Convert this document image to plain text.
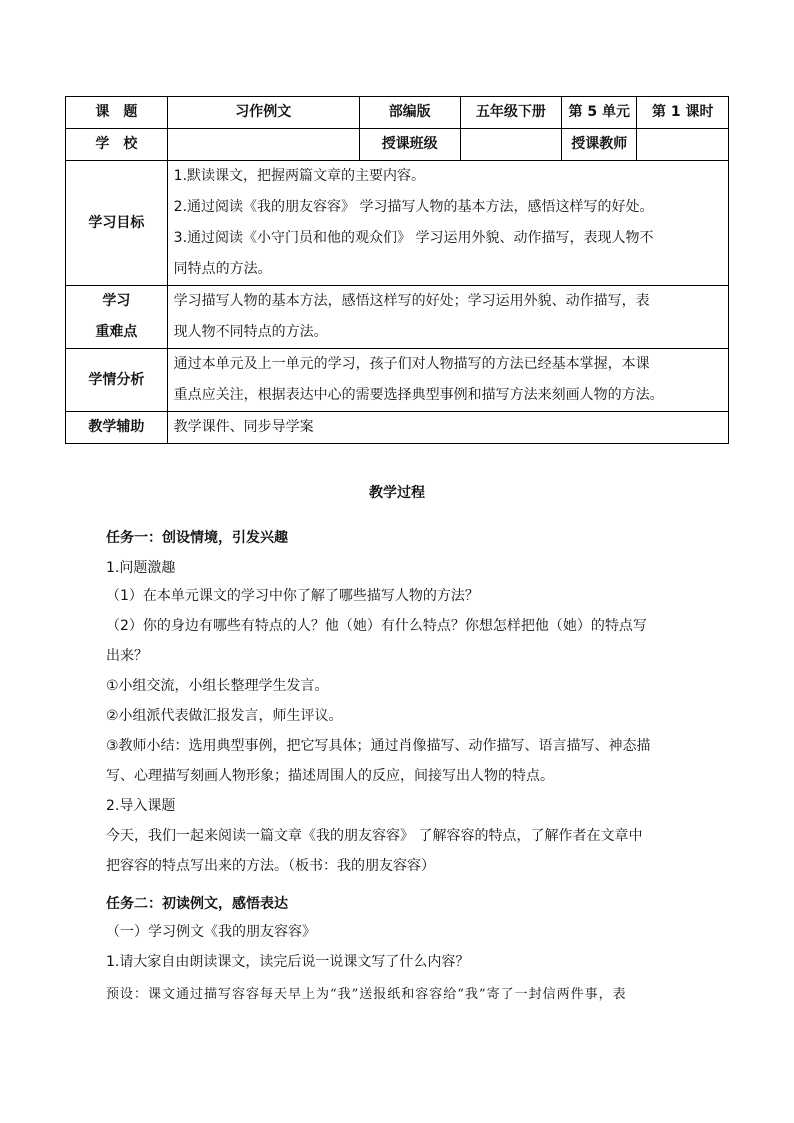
课　题	习作例文	部编版	五年级下册	第 5 单元	第 1 课时
学　校		授课班级		授课教师	
学习目标	1.默读课文，把握两篇文章的主要内容。
2.通过阅读《我的朋友容容》 学习描写人物的基本方法，感悟这样写的好处。
3.通过阅读《小守门员和他的观众们》 学习运用外貌、动作描写，表现人物不
同特点的方法。				

学习
重难点	学习描写人物的基本方法，感悟这样写的好处；学习运用外貌、动作描写，表
现人物不同特点的方法。				

学情分析	通过本单元及上一单元的学习，孩子们对人物描写的方法已经基本掌握，本课
重点应关注，根据表达中心的需要选择典型事例和描写方法来刻画人物的方法。				

教学辅助	教学课件、同步导学案				
教学过程
任务一：创设情境，引发兴趣
1.问题激趣
（1）在本单元课文的学习中你了解了哪些描写人物的方法？
（2）你的身边有哪些有特点的人？他（她）有什么特点？你想怎样把他（她）的特点写
出来？
①小组交流，小组长整理学生发言。
②小组派代表做汇报发言，师生评议。
③教师小结：选用典型事例，把它写具体；通过肖像描写、动作描写、语言描写、神态描
写、心理描写刻画人物形象；描述周围人的反应，间接写出人物的特点。
2.导入课题
今天，我们一起来阅读一篇文章《我的朋友容容》 了解容容的特点，了解作者在文章中
把容容的特点写出来的方法。（板书：我的朋友容容）
任务二：初读例文，感悟表达
（一）学习例文《我的朋友容容》
1.请大家自由朗读课文，读完后说一说课文写了什么内容？
预设：课文通过描写容容每天早上为“我”送报纸和容容给“我”寄了一封信两件事，表
